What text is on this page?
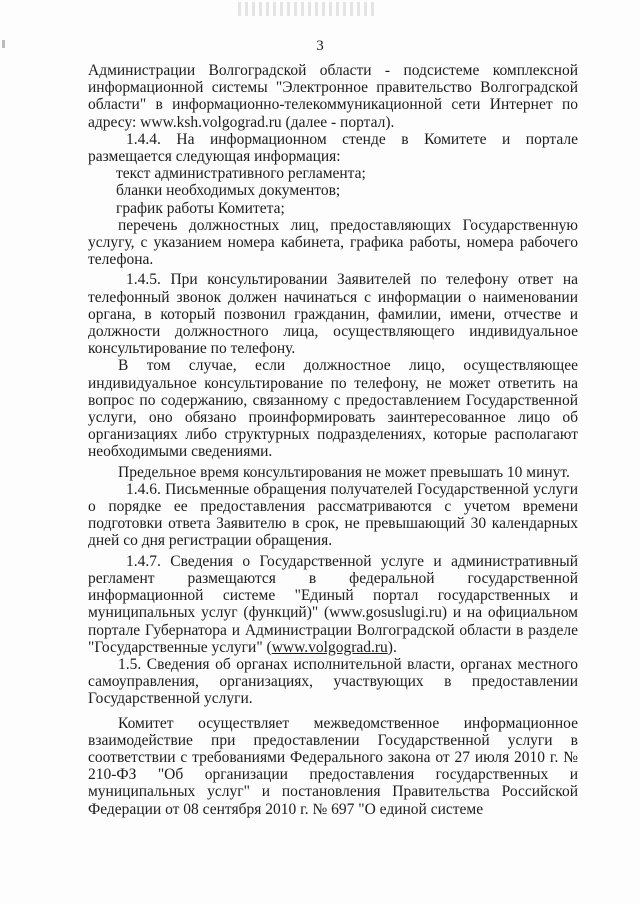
3

Администрации Волгоградской области - подсистеме комплексной информационной системы "Электронное правительство Волгоградской области" в информационно-телекоммуникационной сети Интернет по адресу: www.ksh.volgograd.ru (далее - портал).

1.4.4. На информационном стенде в Комитете и портале размещается следующая информация:

текст административного регламента;

бланки необходимых документов;

график работы Комитета;

перечень должностных лиц, предоставляющих Государственную услугу, с указанием номера кабинета, графика работы, номера рабочего телефона.

1.4.5. При консультировании Заявителей по телефону ответ на телефонный звонок должен начинаться с информации о наименовании органа, в который позвонил гражданин, фамилии, имени, отчестве и должности должностного лица, осуществляющего индивидуальное консультирование по телефону.

В том случае, если должностное лицо, осуществляющее индивидуальное консультирование по телефону, не может ответить на вопрос по содержанию, связанному с предоставлением Государственной услуги, оно обязано проинформировать заинтересованное лицо об организациях либо структурных подразделениях, которые располагают необходимыми сведениями.

Предельное время консультирования не может превышать 10 минут.

1.4.6. Письменные обращения получателей Государственной услуги о порядке ее предоставления рассматриваются с учетом времени подготовки ответа Заявителю в срок, не превышающий 30 календарных дней со дня регистрации обращения.

1.4.7. Сведения о Государственной услуге и административный регламент размещаются в федеральной государственной информационной системе "Единый портал государственных и муниципальных услуг (функций)" (www.gosuslugi.ru) и на официальном портале Губернатора и Администрации Волгоградской области в разделе "Государственные услуги" (www.volgograd.ru).

1.5. Сведения об органах исполнительной власти, органах местного самоуправления, организациях, участвующих в предоставлении Государственной услуги.

Комитет осуществляет межведомственное информационное взаимодействие при предоставлении Государственной услуги в соответствии с требованиями Федерального закона от 27 июля 2010 г. № 210-ФЗ "Об организации предоставления государственных и муниципальных услуг" и постановления Правительства Российской Федерации от 08 сентября 2010 г. № 697 "О единой системе
